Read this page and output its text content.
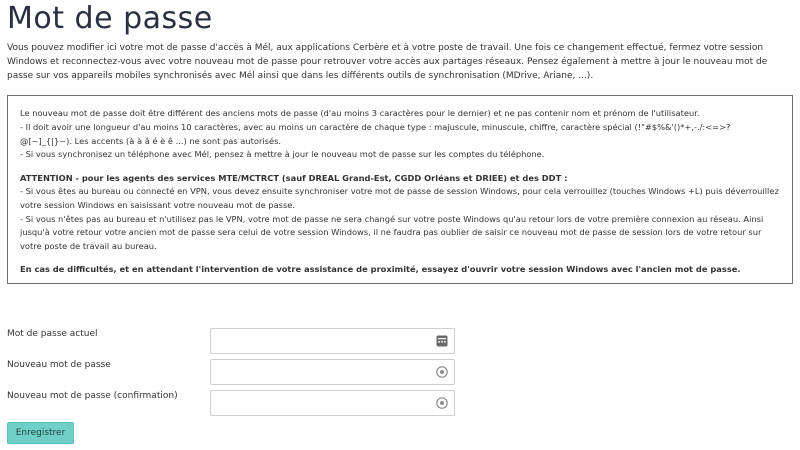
Mot de passe

Vous pouvez modifier ici votre mot de passe d'accès à Mél, aux applications Cerbère et à votre poste de travail. Une fois ce changement effectué, fermez votre session Windows et reconnectez-vous avec votre nouveau mot de passe pour retrouver votre accès aux partages réseaux. Pensez également à mettre à jour le nouveau mot de passe sur vos appareils mobiles synchronisés avec Mél ainsi que dans les différents outils de synchronisation (MDrive, Ariane, ...).

Le nouveau mot de passe doit être différent des anciens mots de passe (d'au moins 3 caractères pour le dernier) et ne pas contenir nom et prénom de l'utilisateur.

- Il doit avoir une longueur d'au moins 10 caractères, avec au moins un caractère de chaque type : majuscule, minuscule, chiffre, caractère spécial (!"#$%&'()*+,-./:<=>?@[~]_{|}~). Les accents (à à â é è ê ...) ne sont pas autorisés.

- Si vous synchronisez un téléphone avec Mél, pensez à mettre à jour le nouveau mot de passe sur les comptes du téléphone.

ATTENTION - pour les agents des services MTE/MCTRCT (sauf DREAL Grand-Est, CGDD Orléans et DRIEE) et des DDT :

- Si vous êtes au bureau ou connecté en VPN, vous devez ensuite synchroniser votre mot de passe de session Windows, pour cela verrouillez (touches Windows +L) puis déverrouillez votre session Windows en saisissant votre nouveau mot de passe.

- Si vous n'êtes pas au bureau et n'utilisez pas le VPN, votre mot de passe ne sera changé sur votre poste Windows qu'au retour lors de votre première connexion au réseau. Ainsi jusqu'à votre retour votre ancien mot de passe sera celui de votre session Windows, il ne faudra pas oublier de saisir ce nouveau mot de passe de session lors de votre retour sur votre poste de travail au bureau.

En cas de difficultés, et en attendant l'intervention de votre assistance de proximité, essayez d'ouvrir votre session Windows avec l'ancien mot de passe.

Mot de passe actuel
Nouveau mot de passe
Nouveau mot de passe (confirmation)
Enregistrer
